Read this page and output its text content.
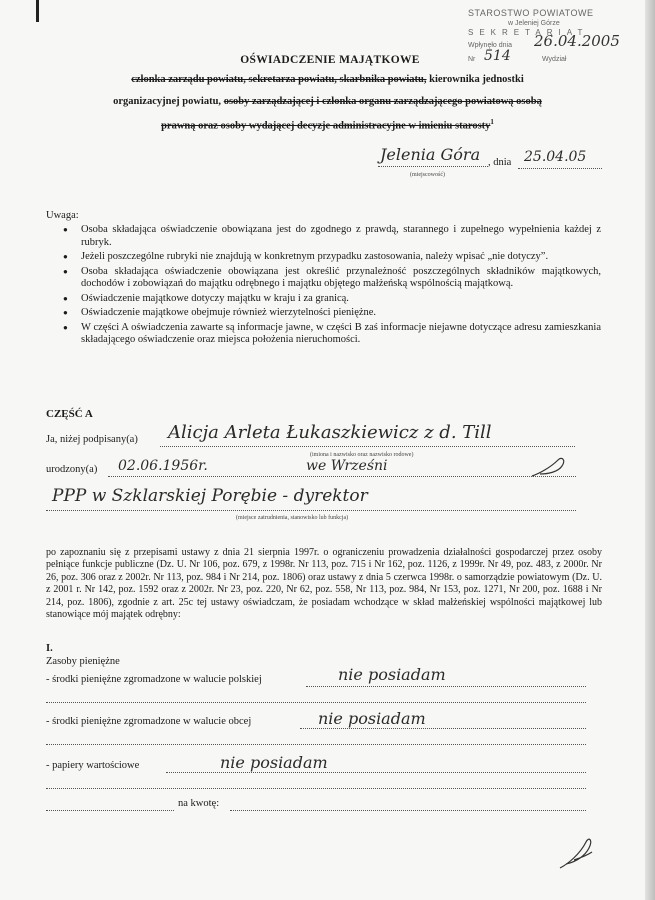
STAROSTWO POWIATOWE
w Jeleniej Górze
SEKRETARIAT
Wpłynęło dnia 26.04.2005
Nr 514	Wydział
OŚWIADCZENIE MAJĄTKOWE
członka zarządu powiatu, sekretarza powiatu, skarbnika powiatu, kierownika jednostki
organizacyjnej powiatu, osoby zarządzającej i członka organu zarządzającego powiatową osobą
prawną oraz osoby wydającej decyzje administracyjne w imieniu starosty$^1$
Jelenia Góra , dnia 25.04.05
(miejscowość)
Uwaga:
● Osoba składająca oświadczenie obowiązana jest do zgodnego z prawdą, starannego i zupełnego wypełnienia każdej z rubryk.
● Jeżeli poszczególne rubryki nie znajdują w konkretnym przypadku zastosowania, należy wpisać „nie dotyczy”.
● Osoba składająca oświadczenie obowiązana jest określić przynależność poszczególnych składników majątkowych, dochodów i zobowiązań do majątku odrębnego i majątku objętego małżeńską wspólnością majątkową.
● Oświadczenie majątkowe dotyczy majątku w kraju i za granicą.
● Oświadczenie majątkowe obejmuje również wierzytelności pieniężne.
● W części A oświadczenia zawarte są informacje jawne, w części B zaś informacje niejawne dotyczące adresu zamieszkania składającego oświadczenie oraz miejsca położenia nieruchomości.
CZĘŚĆ A
Ja, niżej podpisany(a) Alicja Arleta Łukaszkiewicz z d. Till
(imiona i nazwisko oraz nazwisko rodowe)
urodzony(a) 02.06.1956r.	we Wrześni
PPP w Szklarskiej Porębie - dyrektor
(miejsce zatrudnienia, stanowisko lub funkcja)
po zapoznaniu się z przepisami ustawy z dnia 21 sierpnia 1997r. o ograniczeniu prowadzenia działalności gospodarczej przez osoby pełniące funkcje publiczne (Dz. U. Nr 106, poz. 679, z 1998r. Nr 113, poz. 715 i Nr 162, poz. 1126, z 1999r. Nr 49, poz. 483, z 2000r. Nr 26, poz. 306 oraz z 2002r. Nr 113, poz. 984 i Nr 214, poz. 1806) oraz ustawy z dnia 5 czerwca 1998r. o samorządzie powiatowym (Dz. U. z 2001 r. Nr 142, poz. 1592 oraz z 2002r. Nr 23, poz. 220, Nr 62, poz. 558, Nr 113, poz. 984, Nr 153, poz. 1271, Nr 200, poz. 1688 i Nr 214, poz. 1806), zgodnie z art. 25c tej ustawy oświadczam, że posiadam wchodzące w skład małżeńskiej wspólności majątkowej lub stanowiące mój majątek odrębny:
I.
Zasoby pieniężne
- środki pieniężne zgromadzone w walucie polskiej	nie posiadam
- środki pieniężne zgromadzone w walucie obcej	nie posiadam
- papiery wartościowe	nie posiadam
na kwotę:
